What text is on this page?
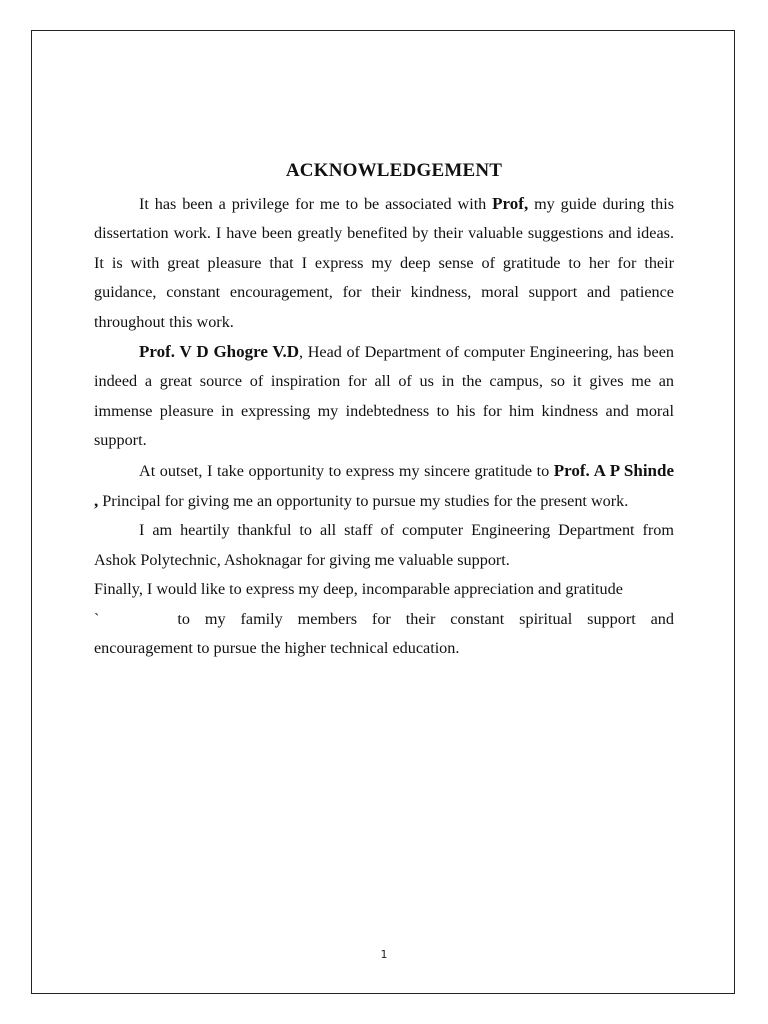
ACKNOWLEDGEMENT

It has been a privilege for me to be associated with Prof, my guide during this dissertation work. I have been greatly benefited by their valuable suggestions and ideas. It is with great pleasure that I express my deep sense of gratitude to her for their guidance, constant encouragement, for their kindness, moral support and patience throughout this work.

Prof. V D Ghogre V.D, Head of Department of computer Engineering, has been indeed a great source of inspiration for all of us in the campus, so it gives me an immense pleasure in expressing my indebtedness to his for him kindness and moral support.

At outset, I take opportunity to express my sincere gratitude to Prof. A P Shinde , Principal for giving me an opportunity to pursue my studies for the present work.

I am heartily thankful to all staff of computer Engineering Department from Ashok Polytechnic, Ashoknagar for giving me valuable support.

Finally, I would like to express my deep, incomparable appreciation and gratitude
`	to my family members for their constant spiritual support and encouragement to pursue the higher technical education.

1
